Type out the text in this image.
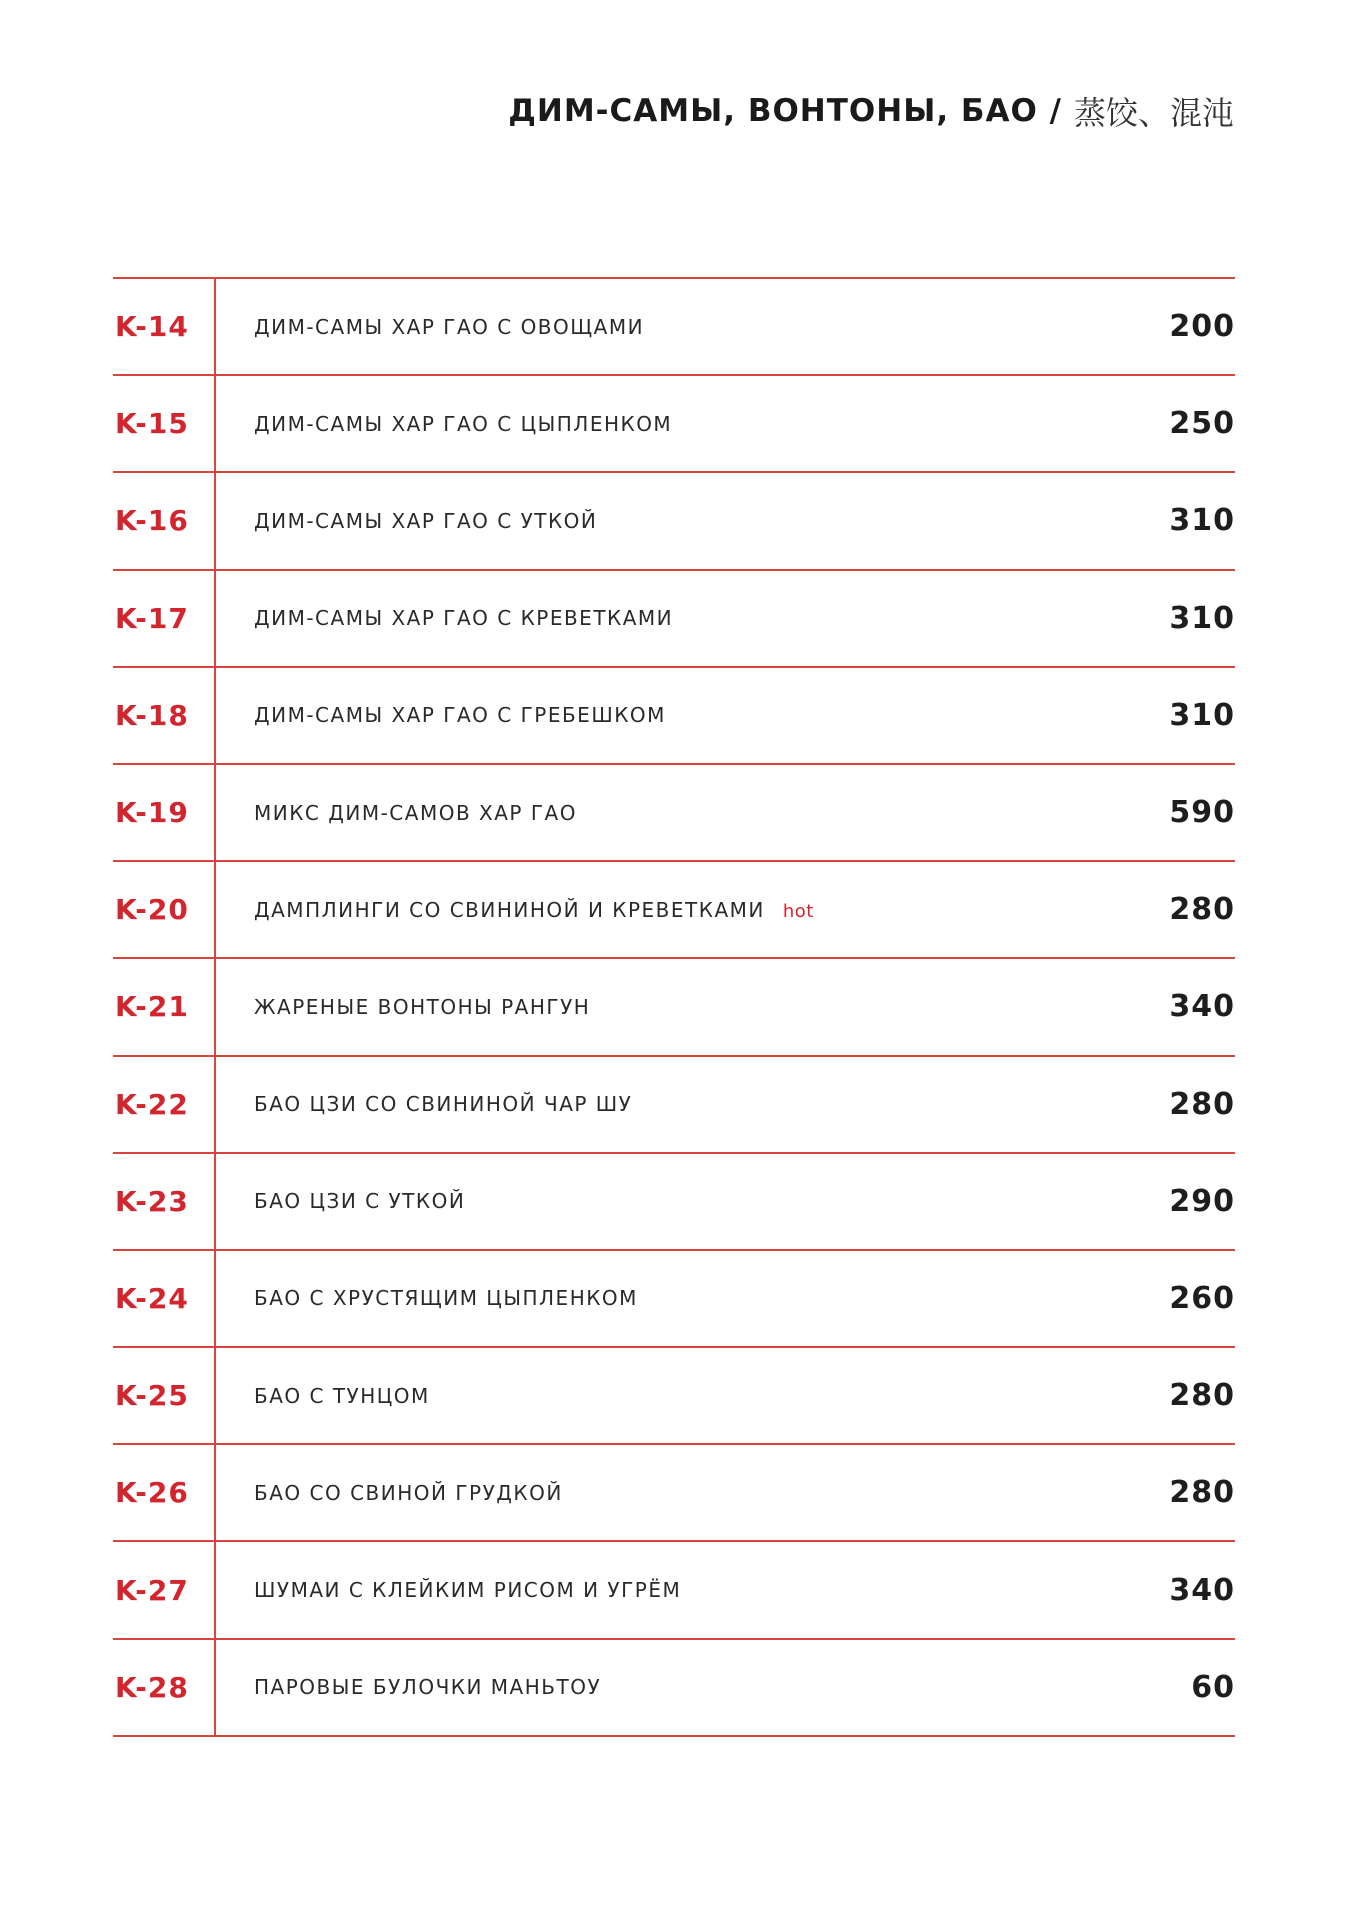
ДИМ-САМЫ, ВОНТОНЫ, БАО / 蒸饺、混沌
K-14	ДИМ-САМЫ ХАР ГАО С ОВОЩАМИ	200
K-15	ДИМ-САМЫ ХАР ГАО С ЦЫПЛЕНКОМ	250
K-16	ДИМ-САМЫ ХАР ГАО С УТКОЙ	310
K-17	ДИМ-САМЫ ХАР ГАО С КРЕВЕТКАМИ	310
K-18	ДИМ-САМЫ ХАР ГАО С ГРЕБЕШКОМ	310
K-19	МИКС ДИМ-САМОВ ХАР ГАО	590
K-20	ДАМПЛИНГИ СО СВИНИНОЙ И КРЕВЕТКАМИ hot	280
K-21	ЖАРЕНЫЕ ВОНТОНЫ РАНГУН	340
K-22	БАО ЦЗИ СО СВИНИНОЙ ЧАР ШУ	280
K-23	БАО ЦЗИ С УТКОЙ	290
K-24	БАО С ХРУСТЯЩИМ ЦЫПЛЕНКОМ	260
K-25	БАО С ТУНЦОМ	280
K-26	БАО СО СВИНОЙ ГРУДКОЙ	280
K-27	ШУМАИ С КЛЕЙКИМ РИСОМ И УГРЁМ	340
K-28	ПАРОВЫЕ БУЛОЧКИ МАНЬТОУ	60
